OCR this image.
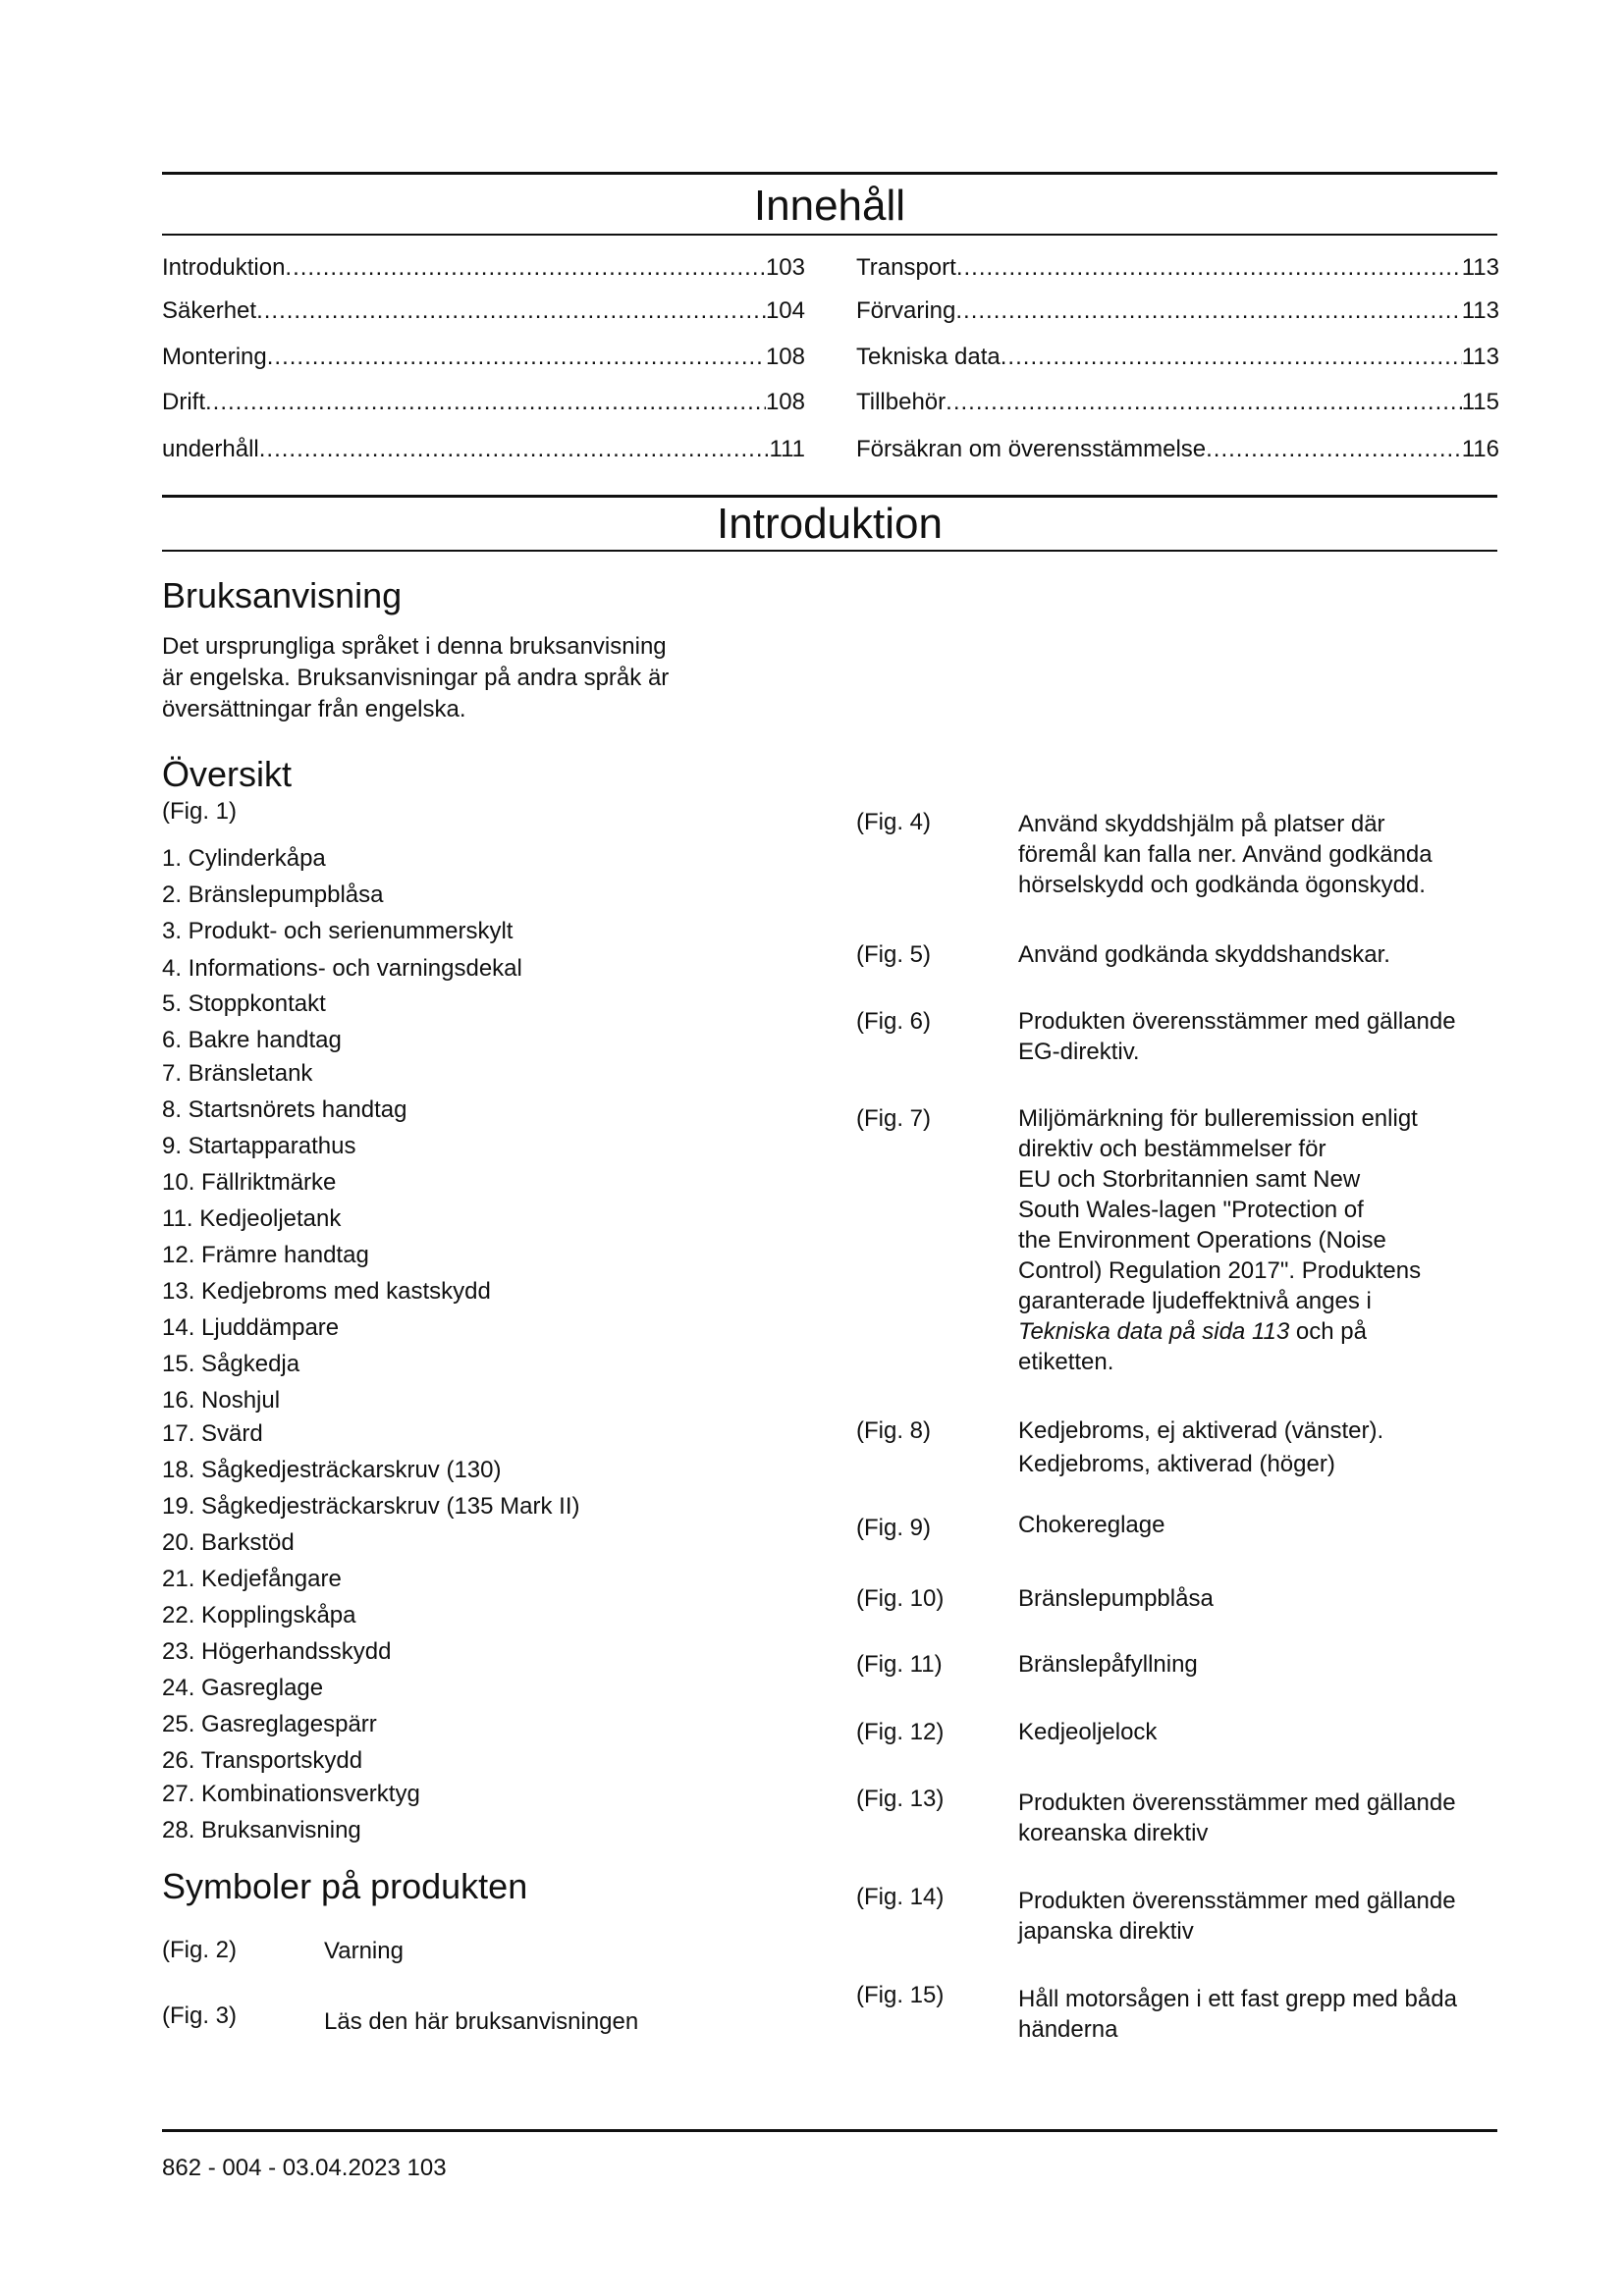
Innehåll
Introduktion .....	103
Säkerhet .....	104
Montering .....	108
Drift .....	108
underhåll .....	111
Transport .....	113
Förvaring .....	113
Tekniska data .....	113
Tillbehör .....	115
Försäkran om överensstämmelse .....	116
Introduktion
Bruksanvisning
Det ursprungliga språket i denna bruksanvisning
är engelska. Bruksanvisningar på andra språk är
översättningar från engelska.
Översikt
(Fig. 1)
1. Cylinderkåpa
2. Bränslepumpblåsa
3. Produkt- och serienummerskylt
4. Informations- och varningsdekal
5. Stoppkontakt
6. Bakre handtag
7. Bränsletank
8. Startsnörets handtag
9. Startapparathus
10. Fällriktmärke
11. Kedjeoljetank
12. Främre handtag
13. Kedjebroms med kastskydd
14. Ljuddämpare
15. Sågkedja
16. Noshjul
17. Svärd
18. Sågkedjesträckarskruv (130)
19. Sågkedjesträckarskruv (135 Mark II)
20. Barkstöd
21. Kedjefångare
22. Kopplingskåpa
23. Högerhandsskydd
24. Gasreglage
25. Gasreglagespärr
26. Transportskydd
27. Kombinationsverktyg
28. Bruksanvisning
Symboler på produkten
(Fig. 2)	Varning
(Fig. 3)	Läs den här bruksanvisningen
(Fig. 4)	Använd skyddshjälm på platser där
föremål kan falla ner. Använd godkända
hörselskydd och godkända ögonskydd.
(Fig. 5)	Använd godkända skyddshandskar.
(Fig. 6)	Produkten överensstämmer med gällande
EG-direktiv.
(Fig. 7)	Miljömärkning för bulleremission enligt
direktiv och bestämmelser för
EU och Storbritannien samt New
South Wales-lagen "Protection of
the Environment Operations (Noise
Control) Regulation 2017". Produktens
garanterade ljudeffektnivå anges i
Tekniska data på sida 113 och på
etiketten.
(Fig. 8)	Kedjebroms, ej aktiverad (vänster).
Kedjebroms, aktiverad (höger)
(Fig. 9)	Chokereglage
(Fig. 10)	Bränslepumpblåsa
(Fig. 11)	Bränslepåfyllning
(Fig. 12)	Kedjeoljelock
(Fig. 13)	Produkten överensstämmer med gällande
koreanska direktiv
(Fig. 14)	Produkten överensstämmer med gällande
japanska direktiv
(Fig. 15)	Håll motorsågen i ett fast grepp med båda
händerna
862 - 004 - 03.04.2023 103
